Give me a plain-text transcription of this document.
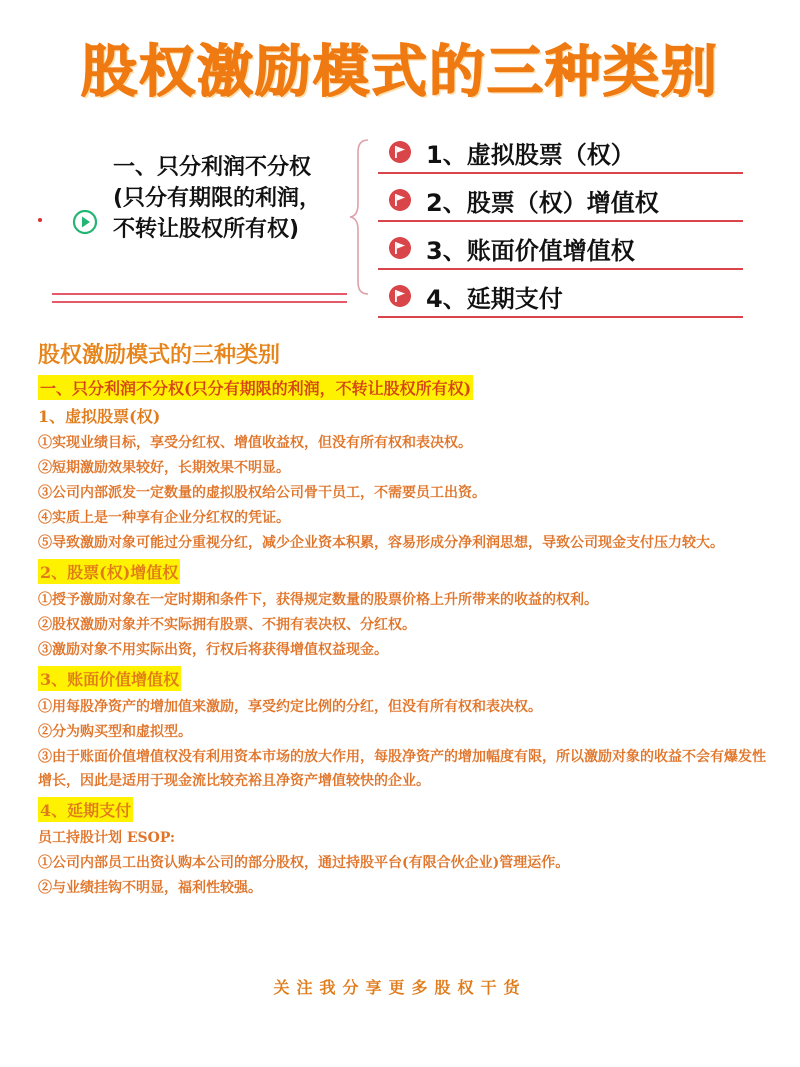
股权激励模式的三种类别
一、只分利润不分权(只分有期限的利润，不转让股权所有权)
1、虚拟股票（权）
2、股票（权）增值权
3、账面价值增值权
4、延期支付
股权激励模式的三种类别
一、只分利润不分权(只分有期限的利润，不转让股权所有权)
1、虚拟股票(权)
①实现业绩目标，享受分红权、增值收益权，但没有所有权和表决权。
②短期激励效果较好，长期效果不明显。
③公司内部派发一定数量的虚拟股权给公司骨干员工，不需要员工出资。
④实质上是一种享有企业分红权的凭证。
⑤导致激励对象可能过分重视分红，减少企业资本积累，容易形成分净利润思想，导致公司现金支付压力较大。
2、股票(权)增值权
①授予激励对象在一定时期和条件下，获得规定数量的股票价格上升所带来的收益的权利。
②股权激励对象并不实际拥有股票、不拥有表决权、分红权。
③激励对象不用实际出资，行权后将获得增值权益现金。
3、账面价值增值权
①用每股净资产的增加值来激励，享受约定比例的分红，但没有所有权和表决权。
②分为购买型和虚拟型。
③由于账面价值增值权没有利用资本市场的放大作用，每股净资产的增加幅度有限，所以激励对象的收益不会有爆发性增长，因此是适用于现金流比较充裕且净资产增值较快的企业。
4、延期支付
员工持股计划 ESOP:
①公司内部员工出资认购本公司的部分股权，通过持股平台(有限合伙企业)管理运作。
②与业绩挂钩不明显，福利性较强。
关注我分享更多股权干货
